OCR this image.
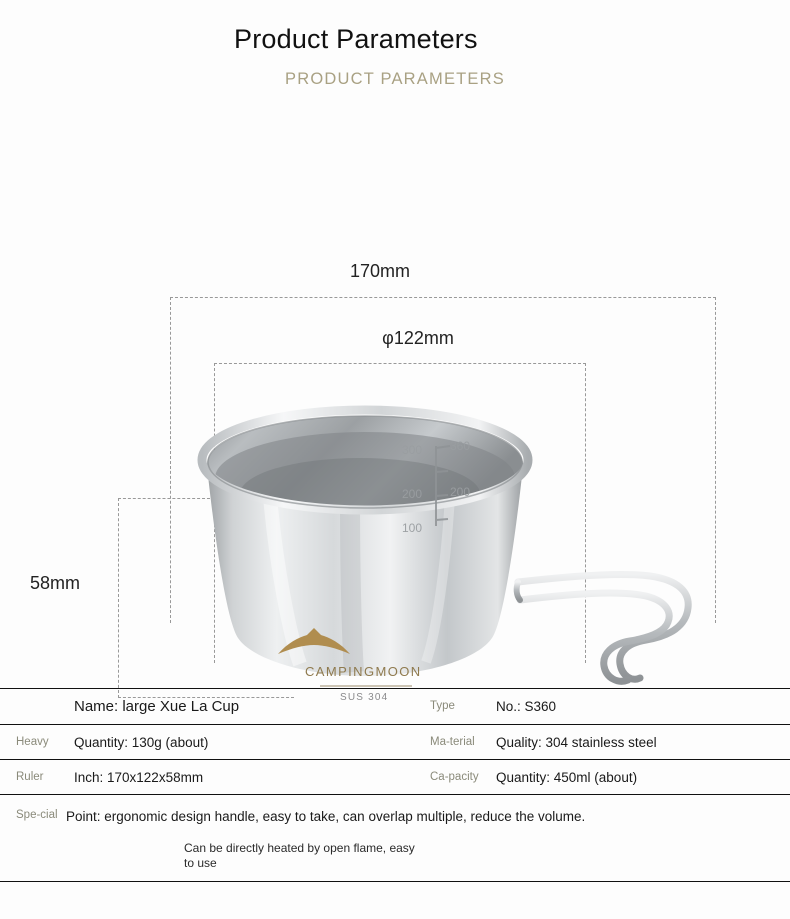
Product Parameters
PRODUCT PARAMETERS
170mm
φ122mm
58mm
360
300
200
200
100
CAMPINGMOON
SUS 304
Name: large Xue La Cup	Type	No.: S360
Heavy	Quantity: 130g (about)	Ma-terial	Quality: 304 stainless steel
Ruler	Inch: 170x122x58mm	Ca-pacity	Quantity: 450ml (about)
Spe-cial Point: ergonomic design handle, easy to take, can overlap multiple, reduce the volume.
Can be directly heated by open flame, easy to use
